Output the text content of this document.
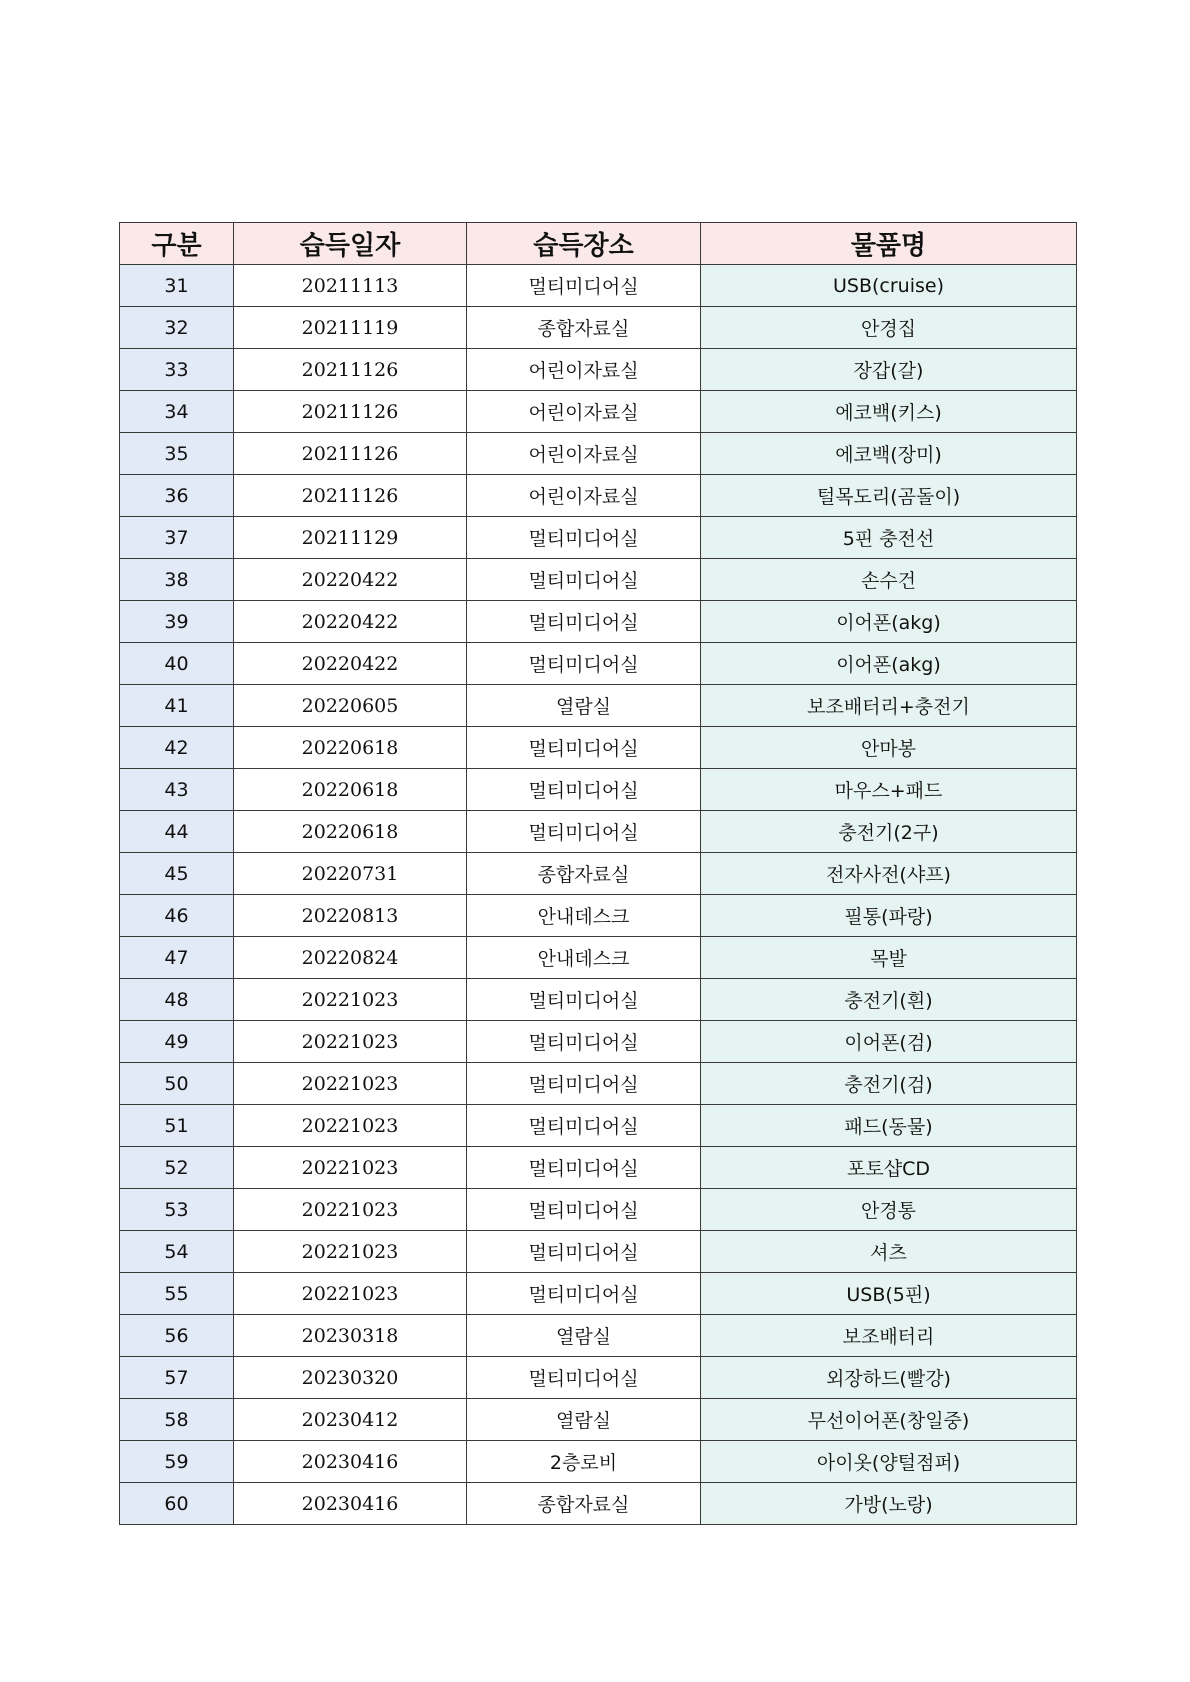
구분	습득일자	습득장소	물품명
31	20211113	멀티미디어실	USB(cruise)
32	20211119	종합자료실	안경집
33	20211126	어린이자료실	장갑(갈)
34	20211126	어린이자료실	에코백(키스)
35	20211126	어린이자료실	에코백(장미)
36	20211126	어린이자료실	털목도리(곰돌이)
37	20211129	멀티미디어실	5핀 충전선
38	20220422	멀티미디어실	손수건
39	20220422	멀티미디어실	이어폰(akg)
40	20220422	멀티미디어실	이어폰(akg)
41	20220605	열람실	보조배터리+충전기
42	20220618	멀티미디어실	안마봉
43	20220618	멀티미디어실	마우스+패드
44	20220618	멀티미디어실	충전기(2구)
45	20220731	종합자료실	전자사전(샤프)
46	20220813	안내데스크	필통(파랑)
47	20220824	안내데스크	목발
48	20221023	멀티미디어실	충전기(흰)
49	20221023	멀티미디어실	이어폰(검)
50	20221023	멀티미디어실	충전기(검)
51	20221023	멀티미디어실	패드(동물)
52	20221023	멀티미디어실	포토샵CD
53	20221023	멀티미디어실	안경통
54	20221023	멀티미디어실	셔츠
55	20221023	멀티미디어실	USB(5핀)
56	20230318	열람실	보조배터리
57	20230320	멀티미디어실	외장하드(빨강)
58	20230412	열람실	무선이어폰(창일중)
59	20230416	2층로비	아이옷(양털점퍼)
60	20230416	종합자료실	가방(노랑)
